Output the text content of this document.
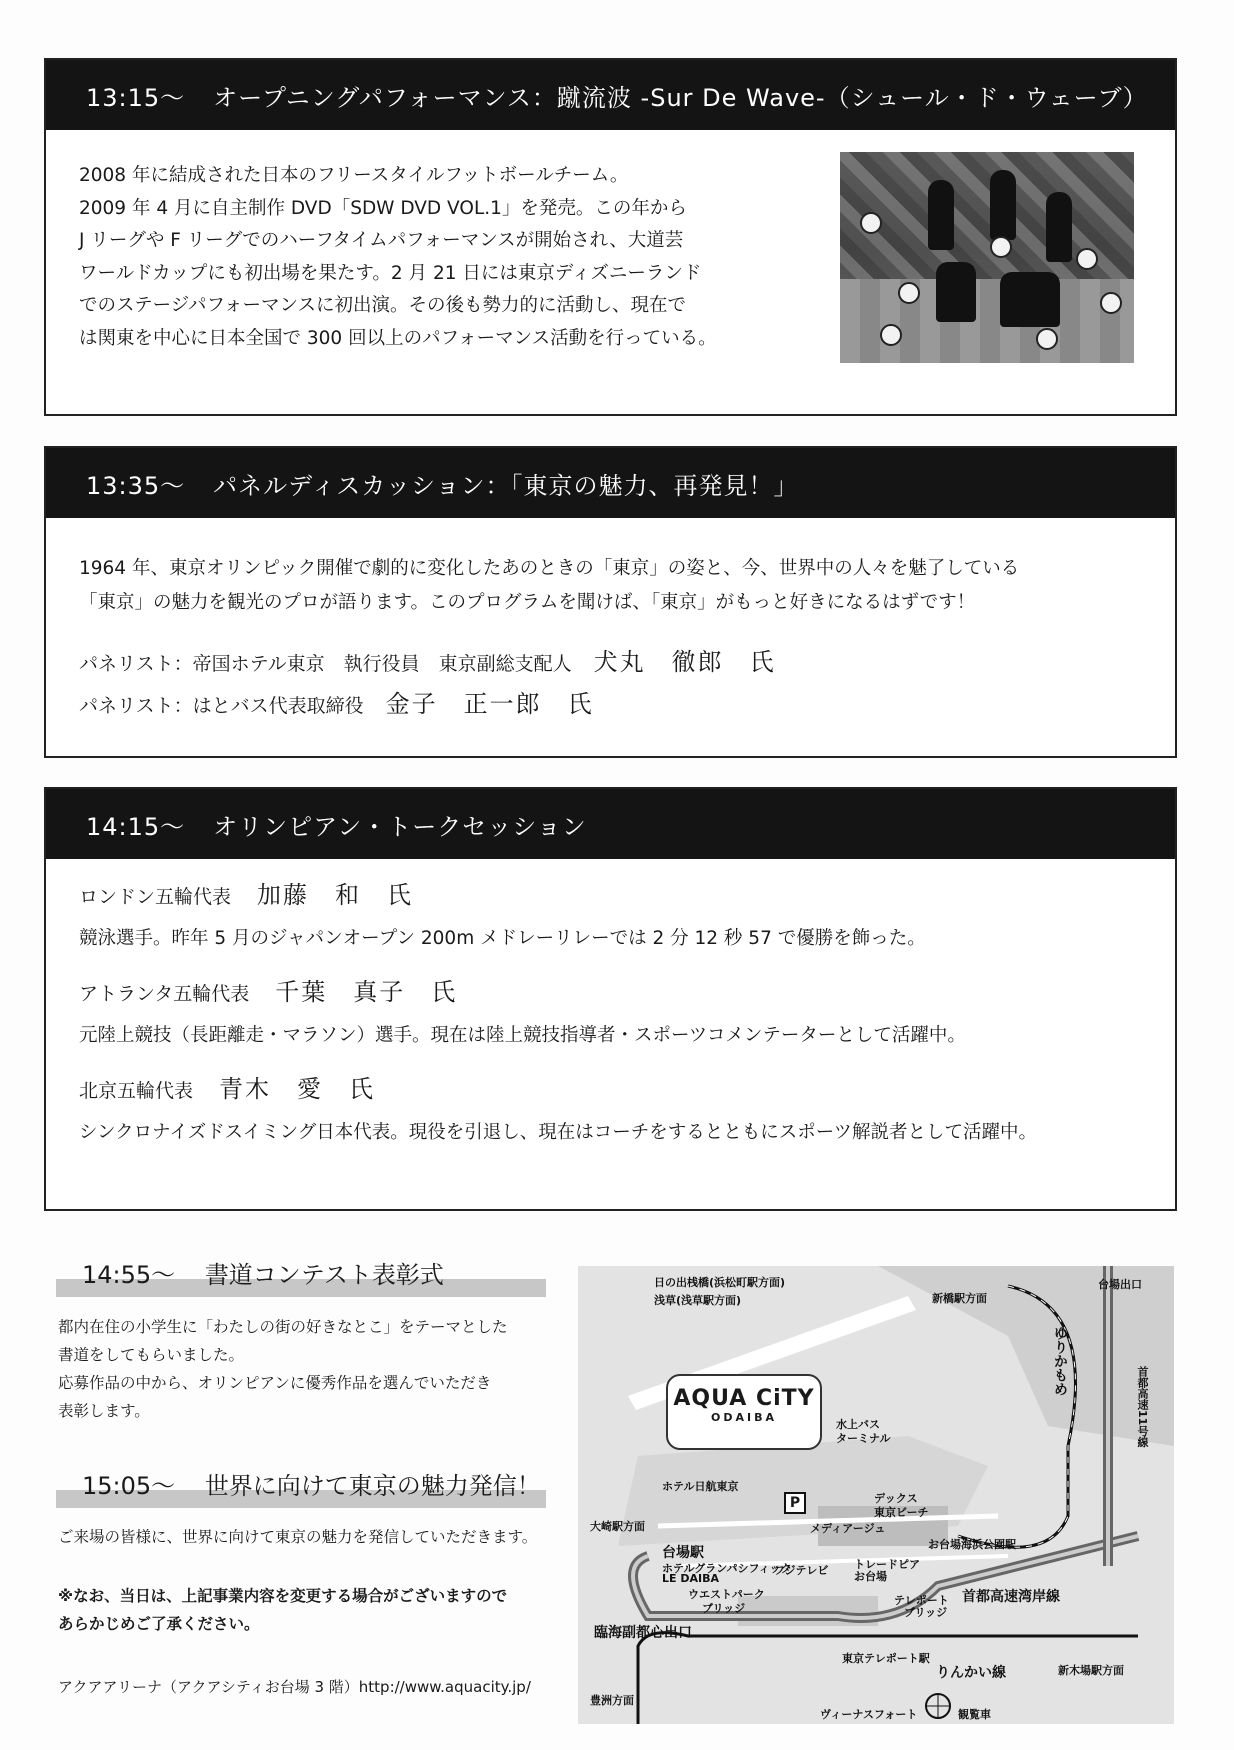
13:15〜 オープニングパフォーマンス：蹴流波 -Sur De Wave-（シュール・ド・ウェーブ）

2008 年に結成された日本のフリースタイルフットボールチーム。

2009 年 4 月に自主制作 DVD「SDW DVD VOL.1」を発売。この年から

J リーグや F リーグでのハーフタイムパフォーマンスが開始され、大道芸

ワールドカップにも初出場を果たす。2 月 21 日には東京ディズニーランド

でのステージパフォーマンスに初出演。その後も勢力的に活動し、現在で

は関東を中心に日本全国で 300 回以上のパフォーマンス活動を行っている。

13:35〜 パネルディスカッション：「東京の魅力、再発見！」

1964 年、東京オリンピック開催で劇的に変化したあのときの「東京」の姿と、今、世界中の人々を魅了している

「東京」の魅力を観光のプロが語ります。このプログラムを聞けば、「東京」がもっと好きになるはずです！

パネリスト：帝国ホテル東京　執行役員　東京副総支配人 犬丸　徹郎　氏
パネリスト：はとバス代表取締役 金子　正一郎　氏
14:15〜 オリンピアン・トークセッション
ロンドン五輪代表 加藤　和　氏

競泳選手。昨年 5 月のジャパンオープン 200m メドレーリレーでは 2 分 12 秒 57 で優勝を飾った。

アトランタ五輪代表 千葉　真子　氏

元陸上競技（長距離走・マラソン）選手。現在は陸上競技指導者・スポーツコメンテーターとして活躍中。

北京五輪代表 青木　愛　氏

シンクロナイズドスイミング日本代表。現役を引退し、現在はコーチをするとともにスポーツ解説者として活躍中。

14:55〜 書道コンテスト表彰式

都内在住の小学生に「わたしの街の好きなとこ」をテーマとした

書道をしてもらいました。

応募作品の中から、オリンピアンに優秀作品を選んでいただき

表彰します。

15:05〜 世界に向けて東京の魅力発信！

ご来場の皆様に、世界に向けて東京の魅力を発信していただきます。

※なお、当日は、上記事業内容を変更する場合がございますので

あらかじめご了承ください。

アクアアリーナ（アクアシティお台場 3 階）http://www.aquacity.jp/
AQUA CiTY
ODAIBA
P
日の出桟橋(浜松町駅方面)
浅草(浅草駅方面)	新橋駅方面
台場出口
ゆりかもめ
首都高速11号線
水上バス
ターミナル
ホテル日航東京
メディアージュ
デックス
東京ビーチ
大崎駅方面
台場駅
お台場海浜公園駅
ホテルグランパシフィック
LE DAIBA
フジテレビ トレードピア
お台場
ウエストパーク
ブリッジ
テレポート
ブリッジ
首都高速湾岸線
臨海副都心出口
東京テレポート駅
りんかい線	新木場駅方面
豊洲方面
ヴィーナスフォート	観覧車
